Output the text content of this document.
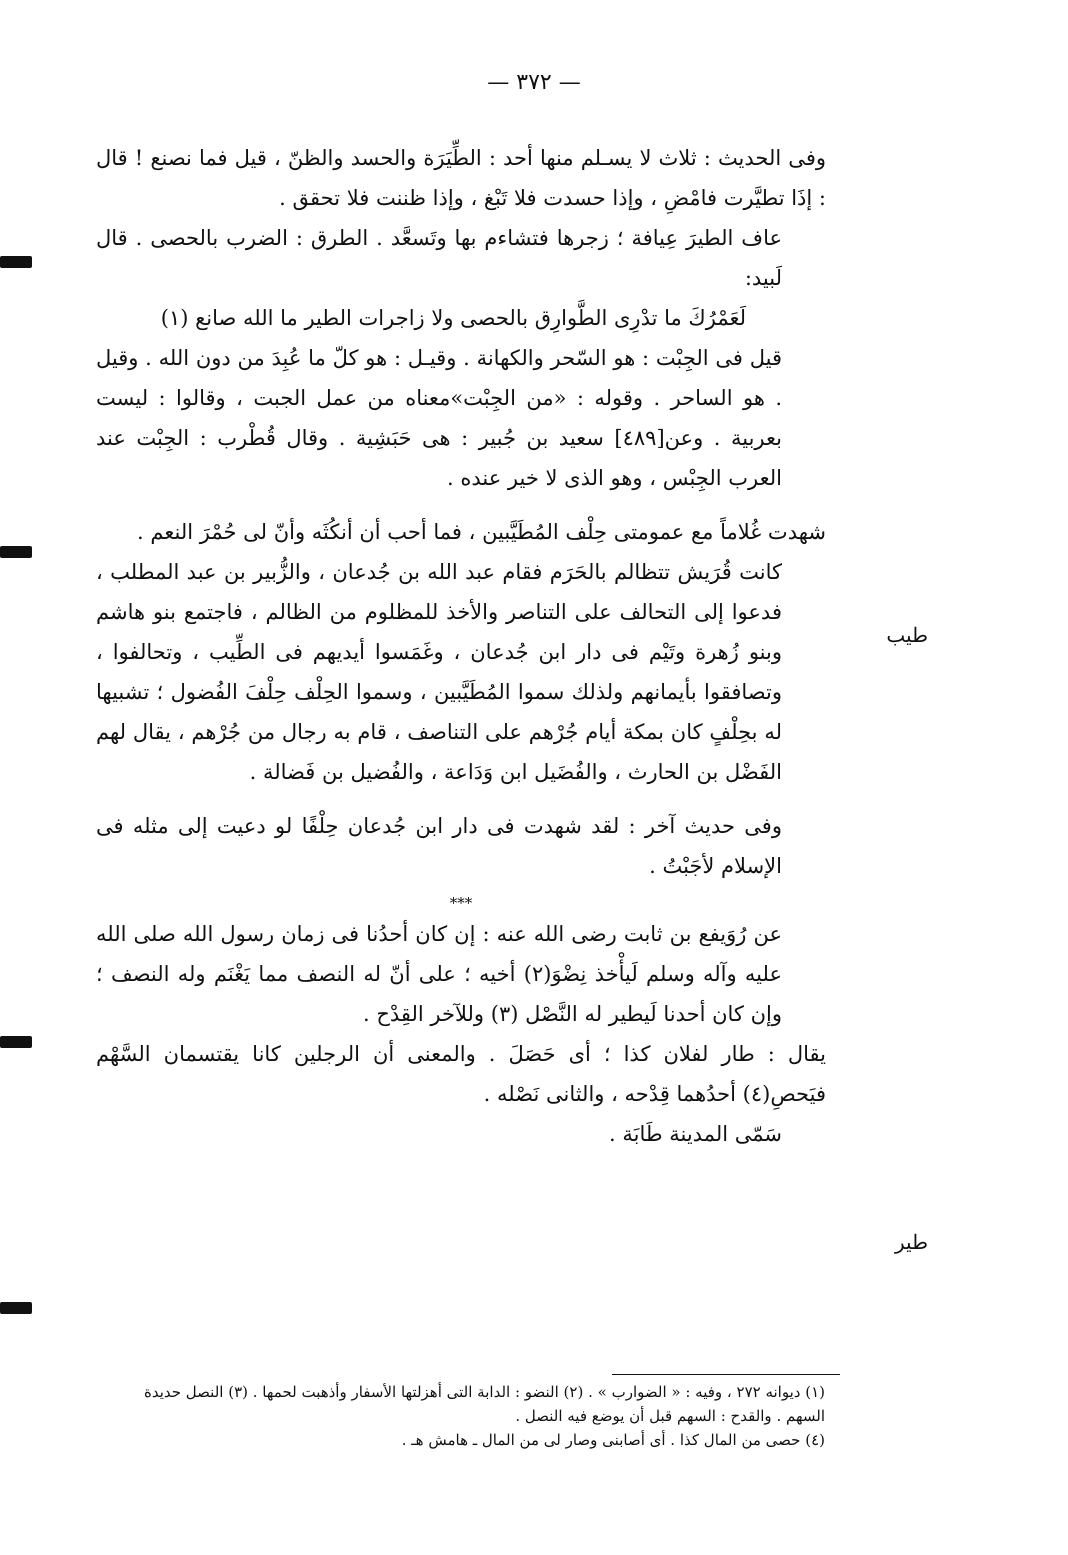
— ٣٧٢ —

وفى الحديث : ثلاث لا يسـلم منها أحد : الطِّيَرَة والحسد والظنّ ، قيل فما نصنع ! قال : إذَا تطيَّرت فامْضِ ، وإذا حسدت فلا تَبْغ ، وإذا ظننت فلا تحقق .

عاف الطيرَ عِيافة ؛ زجرها فتشاءم بها وتَسعَّد . الطرق : الضرب بالحصى . قال لَبيد:

لَعَمْرُكَ ما تدْرِى الطَّوارِق بالحصى ولا زاجرات الطير ما الله صانع (١)

قيل فى الجِبْت : هو السّحر والكهانة . وقيـل : هو كلّ ما عُبِدَ من دون الله . وقيل . هو الساحر . وقوله : «من الجِبْت»معناه من عمل الجبت ، وقالوا : ليست بعربية . وعن[٤٨٩] سعيد بن جُبير : هى حَبَشِية . وقال قُطْرب : الجِبْت عند العرب الجِبْس ، وهو الذى لا خير عنده .

شهدت غُلاماً مع عمومتى حِلْف المُطَيَّبين ، فما أحب أن أنكُثَه وأنّ لى حُمْرَ النعم .

كانت قُرَيش تتظالم بالحَرَم فقام عبد الله بن جُدعان ، والزُّبير بن عبد المطلب ، فدعوا إلى التحالف على التناصر والأخذ للمظلوم من الظالم ، فاجتمع بنو هاشم وبنو زُهرة وتَيْم فى دار ابن جُدعان ، وغَمَسوا أيديهم فى الطِّيب ، وتحالفوا ، وتصافقوا بأيمانهم ولذلك سموا المُطَيَّبين ، وسموا الحِلْف حِلْفَ الفُضول ؛ تشبيها له بحِلْفٍ كان بمكة أيام جُرْهم على التناصف ، قام به رجال من جُرْهم ، يقال لهم الفَضْل بن الحارث ، والفُضَيل ابن وَدَاعة ، والفُضيل بن فَضالة .

وفى حديث آخر : لقد شهدت فى دار ابن جُدعان حِلْفًا لو دعيت إلى مثله فى الإسلام لأجَبْتُ .

***

عن رُوَيفع بن ثابت رضى الله عنه : إن كان أحدُنا فى زمان رسول الله صلى الله عليه وآله وسلم لَيأْخذ نِضْوَ(٢) أخيه ؛ على أنّ له النصف مما يَغْنَم وله النصف ؛ وإن كان أحدنا لَيطير له النَّصْل (٣) وللآخر القِدْح .

يقال : طار لفلان كذا ؛ أى حَصَلَ . والمعنى أن الرجلين كانا يقتسمان السَّهْم فيَحصِ(٤) أحدُهما قِدْحه ، والثانى نَصْله .

سَمّى المدينة طَابَة .

طيب
طير

(١) ديوانه ٢٧٢ ، وفيه : « الضوارب » . (٢) النضو : الدابة التى أهزلتها الأسفار وأذهبت لحمها . (٣) النصل حديدة السهم . والقدح : السهم قبل أن يوضع فيه النصل .

(٤) حصى من المال كذا . أى أصابنى وصار لى من المال ـ هامش هـ .
